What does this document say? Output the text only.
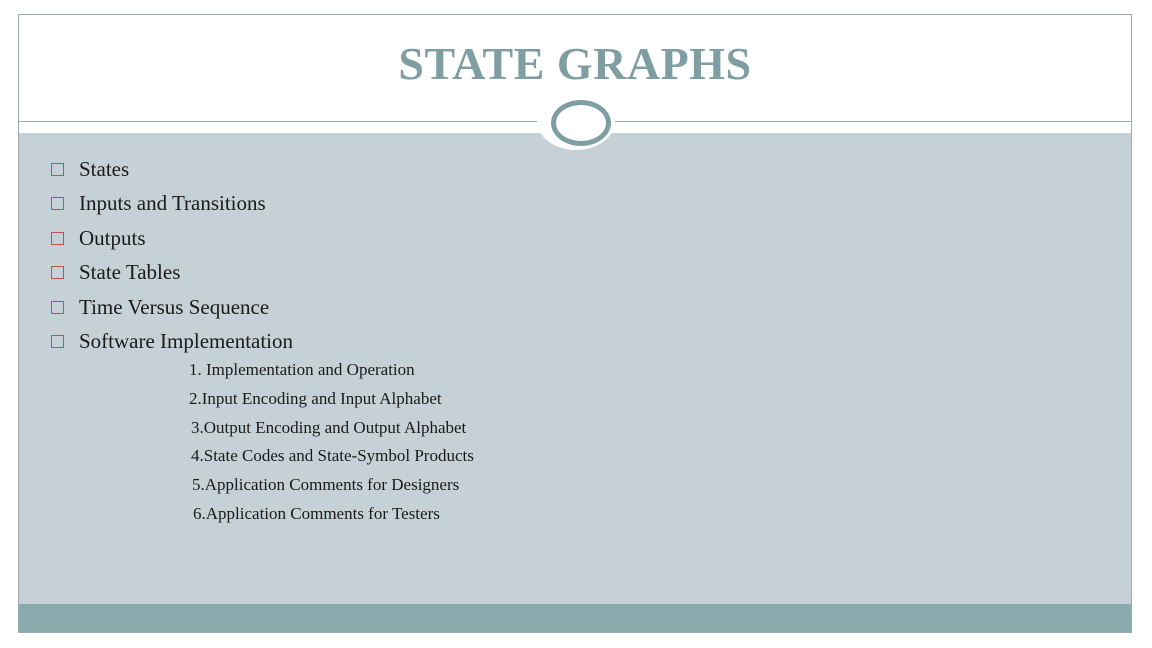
STATE GRAPHS
States
Inputs and Transitions
Outputs
State Tables
Time Versus Sequence
Software Implementation
1. Implementation and Operation
2.Input Encoding and Input Alphabet
3.Output Encoding and Output Alphabet
4.State Codes and State-Symbol Products
5.Application Comments for Designers
6.Application Comments for Testers
